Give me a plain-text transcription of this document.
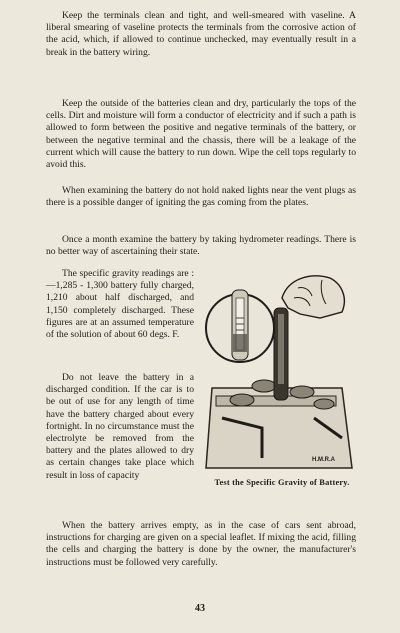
Keep the terminals clean and tight, and well-smeared with vaseline. A liberal smearing of vaseline protects the terminals from the corrosive action of the acid, which, if allowed to continue unchecked, may eventually result in a break in the battery wiring.

Keep the outside of the batteries clean and dry, particularly the tops of the cells. Dirt and moisture will form a conductor of electricity and if such a path is allowed to form between the positive and negative terminals of the battery, or between the negative terminal and the chassis, there will be a leakage of the current which will cause the battery to run down. Wipe the cell tops regularly to avoid this.

When examining the battery do not hold naked lights near the vent plugs as there is a possible danger of igniting the gas coming from the plates.

Once a month examine the battery by taking hydrometer readings. There is no better way of ascertaining their state.

The specific gravity readings are :—1,285 - 1,300 battery fully charged, 1,210 about half discharged, and 1,150 completely discharged. These figures are at an assumed temperature of the solution of about 60 degs. F.

Do not leave the battery in a discharged condition. If the car is to be out of use for any length of time have the battery charged about every fortnight. In no circumstance must the electrolyte be removed from the battery and the plates allowed to dry as certain changes take place which result in loss of capacity

H.M.R.A
Test the Specific Gravity of Battery.

When the battery arrives empty, as in the case of cars sent abroad, instructions for charging are given on a special leaflet. If mixing the acid, filling the cells and charging the battery is done by the owner, the manufacturer's instructions must be followed very carefully.

43
